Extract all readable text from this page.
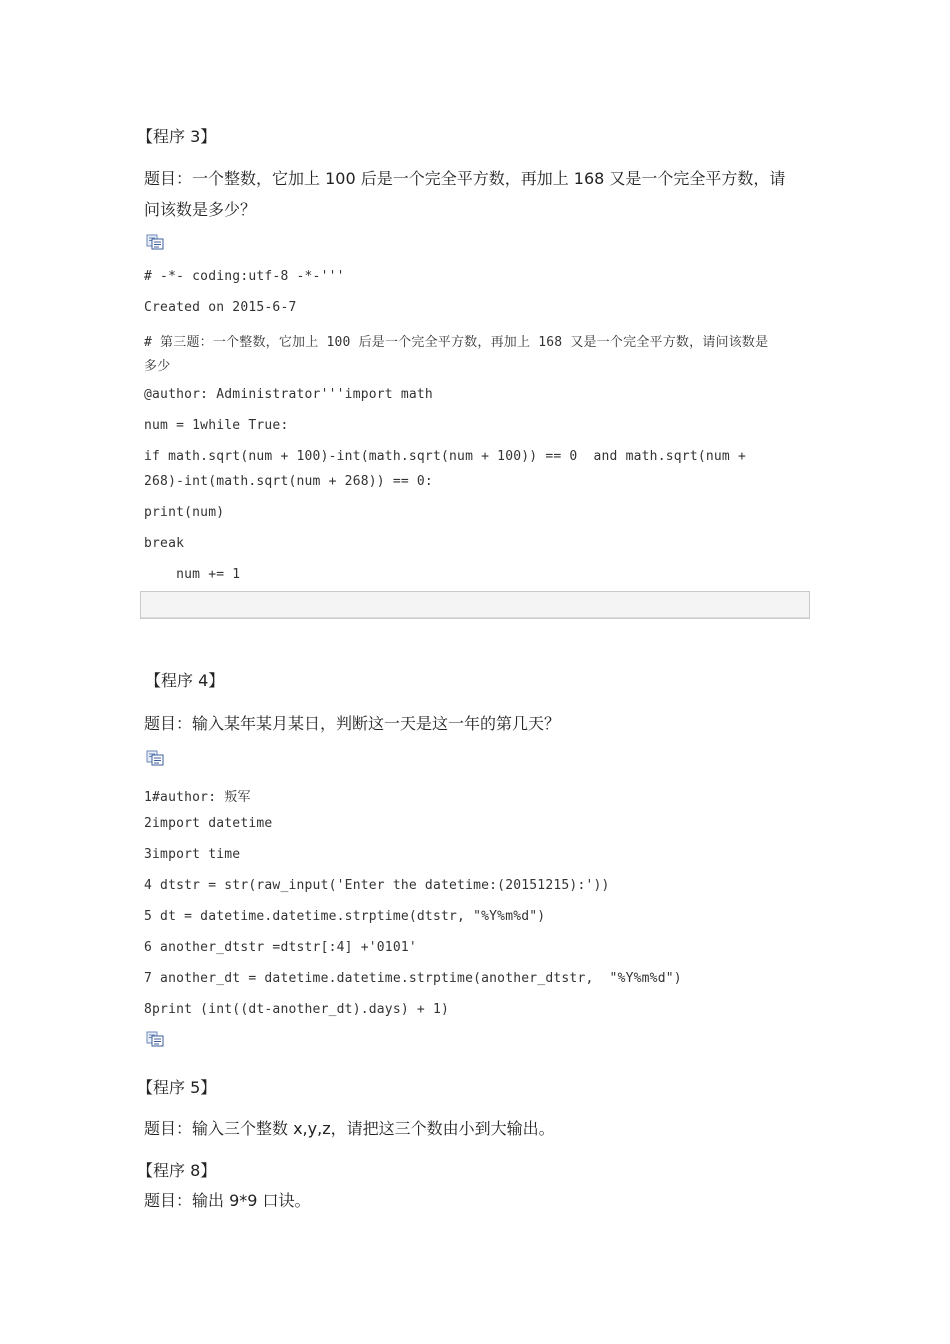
【程序 3】
题目：一个整数，它加上 100 后是一个完全平方数，再加上 168 又是一个完全平方数，请
问该数是多少？
# -*- coding:utf-8 -*-'''
Created on 2015-6-7
# 第三题：一个整数，它加上 100 后是一个完全平方数，再加上 168 又是一个完全平方数，请问该数是
多少
@author: Administrator'''import math
num = 1while True:
if math.sqrt(num + 100)-int(math.sqrt(num + 100)) == 0  and math.sqrt(num +
268)-int(math.sqrt(num + 268)) == 0:
print(num)
break
num += 1
【程序 4】
题目：输入某年某月某日，判断这一天是这一年的第几天？
1#author: 叛军
2import datetime
3import time
4 dtstr = str(raw_input('Enter the datetime:(20151215):'))
5 dt = datetime.datetime.strptime(dtstr, "%Y%m%d")
6 another_dtstr =dtstr[:4] +'0101'
7 another_dt = datetime.datetime.strptime(another_dtstr,  "%Y%m%d")
8print (int((dt-another_dt).days) + 1)
【程序 5】
题目：输入三个整数 x,y,z，请把这三个数由小到大输出。
【程序 8】
题目：输出 9*9 口诀。
